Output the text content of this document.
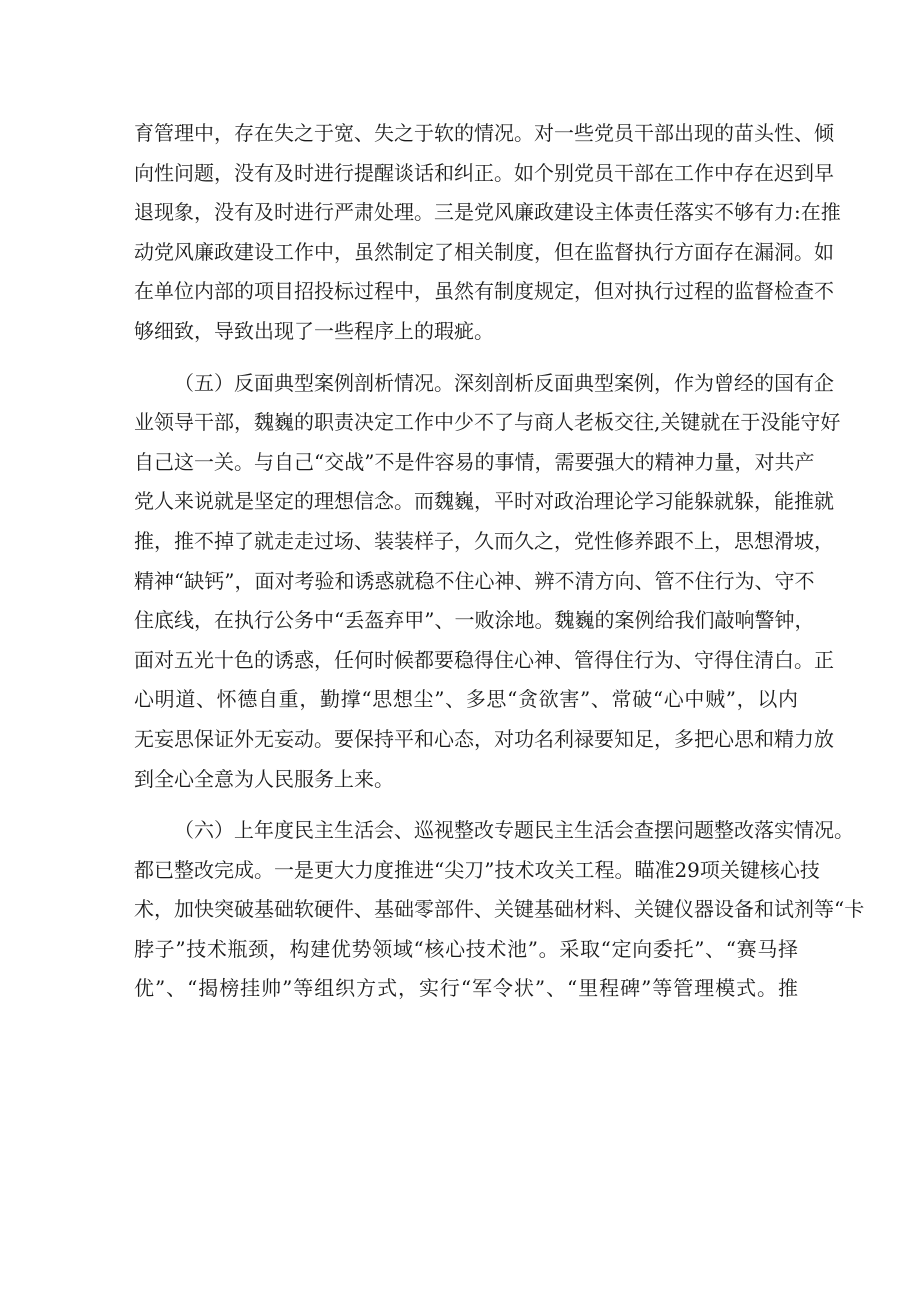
育管理中，存在失之于宽、失之于软的情况。对一些党员干部出现的苗头性、倾
向性问题，没有及时进行提醒谈话和纠正。如个别党员干部在工作中存在迟到早
退现象，没有及时进行严肃处理。三是党风廉政建设主体责任落实不够有力:在推
动党风廉政建设工作中，虽然制定了相关制度，但在监督执行方面存在漏洞。如
在单位内部的项目招投标过程中，虽然有制度规定，但对执行过程的监督检查不
够细致，导致出现了一些程序上的瑕疵。
（五）反面典型案例剖析情况。深刻剖析反面典型案例，作为曾经的国有企
业领导干部，魏巍的职责决定工作中少不了与商人老板交往,关键就在于没能守好
自己这一关。与自己“交战”不是件容易的事情，需要强大的精神力量，对共产
党人来说就是坚定的理想信念。而魏巍，平时对政治理论学习能躲就躲，能推就
推，推不掉了就走走过场、装装样子，久而久之，党性修养跟不上，思想滑坡，
精神“缺钙”，面对考验和诱惑就稳不住心神、辨不清方向、管不住行为、守不
住底线，在执行公务中“丢盔弃甲”、一败涂地。魏巍的案例给我们敲响警钟，
面对五光十色的诱惑，任何时候都要稳得住心神、管得住行为、守得住清白。正
心明道、怀德自重，勤撑“思想尘”、多思“贪欲害”、常破“心中贼”，以内
无妄思保证外无妄动。要保持平和心态，对功名利禄要知足，多把心思和精力放
到全心全意为人民服务上来。
（六）上年度民主生活会、巡视整改专题民主生活会查摆问题整改落实情况。
都已整改完成。一是更大力度推进“尖刀”技术攻关工程。瞄准29项关键核心技
术，加快突破基础软硬件、基础零部件、关键基础材料、关键仪器设备和试剂等“卡
脖子”技术瓶颈，构建优势领域“核心技术池”。采取“定向委托”、“赛马择
优”、“揭榜挂帅”等组织方式，实行“军令状”、“里程碑”等管理模式。推
